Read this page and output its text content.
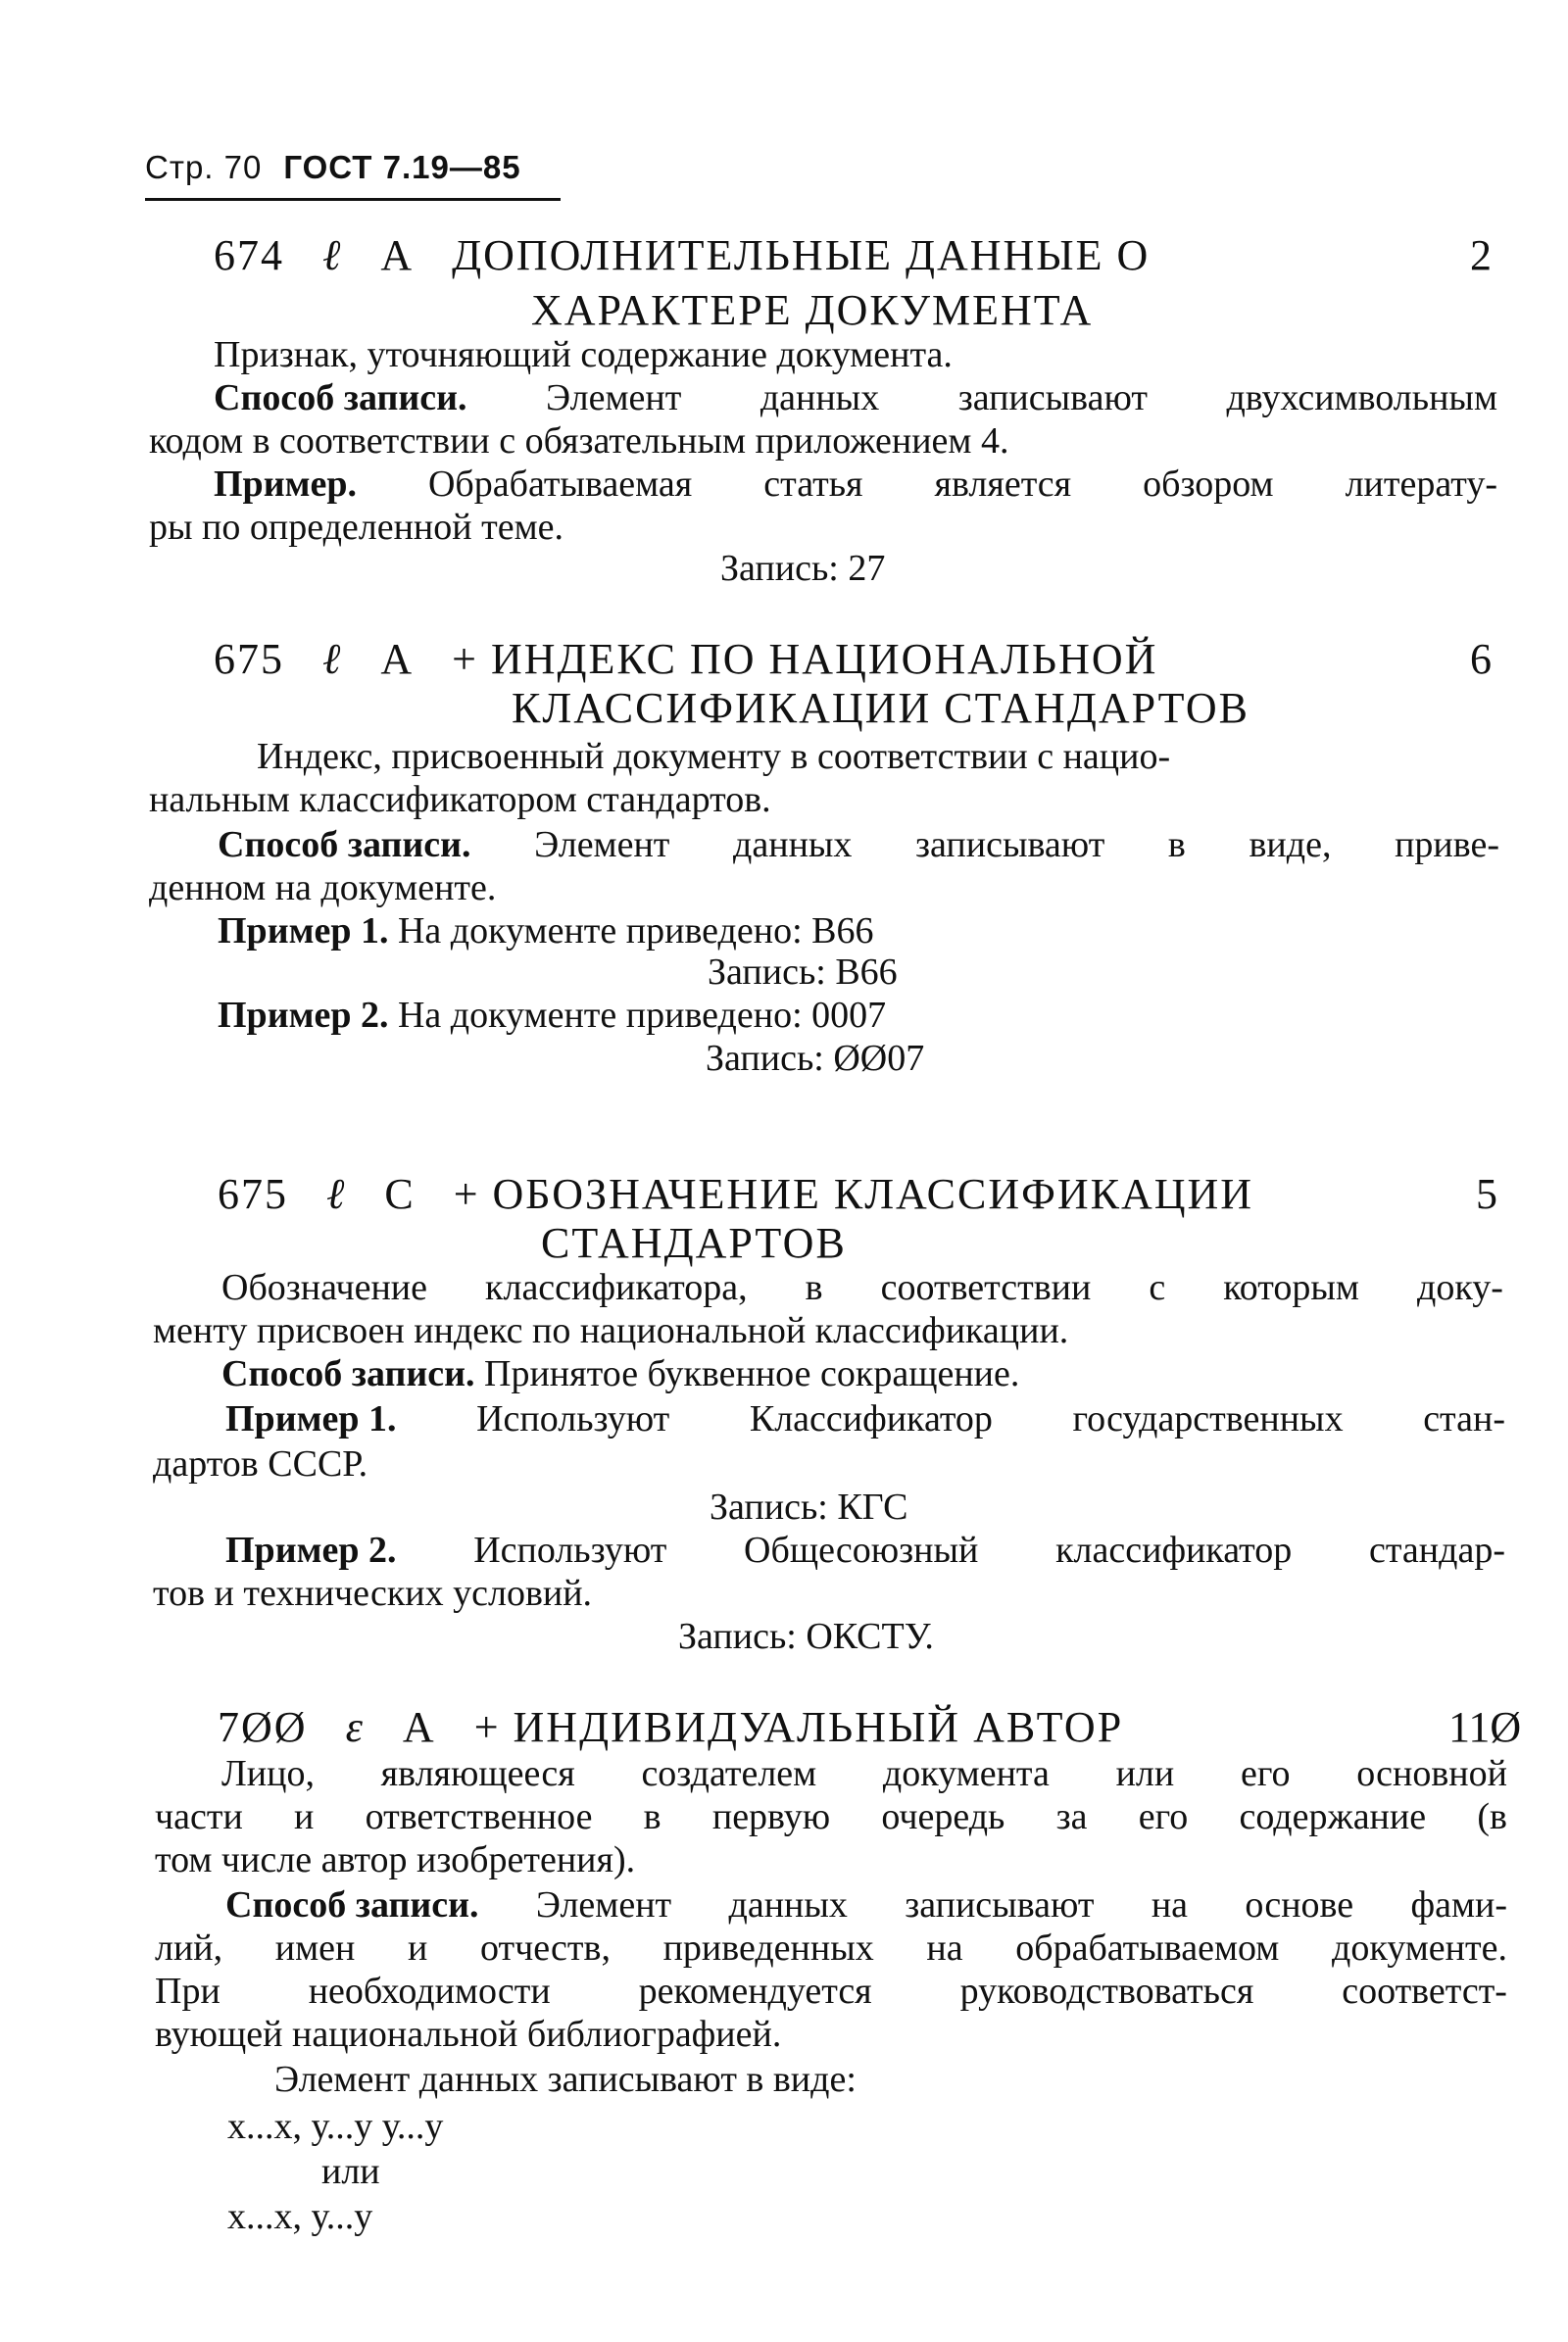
Стр. 70 ГОСТ 7.19—85
674 ℓ А ДОПОЛНИТЕЛЬНЫЕ ДАННЫЕ О	2
ХАРАКТЕРЕ ДОКУМЕНТА
Признак, уточняющий содержание документа.
Способ записи. Элемент данных записывают двухсимвольным
кодом в соответствии с обязательным приложением 4.
Пример. Обрабатываемая статья является обзором литерату-
ры по определенной теме.
Запись: 27
675 ℓ А + ИНДЕКС ПО НАЦИОНАЛЬНОЙ	6
КЛАССИФИКАЦИИ СТАНДАРТОВ
Индекс, присвоенный документу в соответствии с нацио-
нальным классификатором стандартов.
Способ записи. Элемент данных записывают в виде, приве-
денном на документе.
Пример 1. На документе приведено: В66
Запись: В66
Пример 2. На документе приведено: 0007
Запись: ØØ07
675 ℓ С + ОБОЗНАЧЕНИЕ КЛАССИФИКАЦИИ	5
СТАНДАРТОВ
Обозначение классификатора, в соответствии с которым доку-
менту присвоен индекс по национальной классификации.
Способ записи. Принятое буквенное сокращение.
Пример 1. Используют Классификатор государственных стан-
дартов СССР.
Запись: КГС
Пример 2. Используют Общесоюзный классификатор стандар-
тов и технических условий.
Запись: ОКСТУ.
7ØØ ε А + ИНДИВИДУАЛЬНЫЙ АВТОР	11Ø
Лицо, являющееся создателем документа или его основной
части и ответственное в первую очередь за его содержание (в
том числе автор изобретения).
Способ записи. Элемент данных записывают на основе фами-
лий, имен и отчеств, приведенных на обрабатываемом документе.
При необходимости рекомендуется руководствоваться соответст-
вующей национальной библиографией.
Элемент данных записывают в виде:
х...х, у...у у...у
или
х...х, у...у
